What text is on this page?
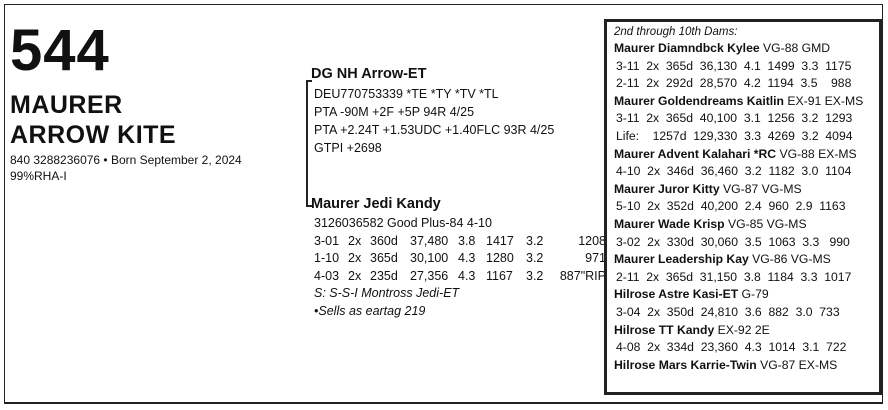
544
MAURER
ARROW KITE
840 3288236076 • Born September 2, 2024
99%RHA-I
DG NH Arrow-ET
DEU770753339 *TE *TY *TV *TL
PTA -90M +2F +5P 94R 4/25
PTA +2.24T +1.53UDC +1.40FLC 93R 4/25
GTPI +2698
Maurer Jedi Kandy
3126036582 Good Plus-84 4-10
3-01 2x 360d 37,480 3.8 1417 3.2	1208
1-10 2x 365d 30,100 4.3 1280 3.2	971
4-03 2x 235d 27,356 4.3 1167 3.2 887"RIP
S: S-S-I Montross Jedi-ET
•Sells as eartag 219
2nd through 10th Dams:
Maurer Diamndbck Kylee VG-88 GMD
3-11  2x  365d  36,130  4.1  1499  3.3  1175
2-11  2x  292d  28,570  4.2  1194  3.5    988
Maurer Goldendreams Kaitlin EX-91 EX-MS
3-11  2x  365d  40,100  3.1  1256  3.2  1293
Life:    1257d  129,330  3.3  4269  3.2  4094
Maurer Advent Kalahari *RC VG-88 EX-MS
4-10  2x  346d  36,460  3.2  1182  3.0  1104
Maurer Juror Kitty VG-87 VG-MS
5-10  2x  352d  40,200  2.4  960  2.9  1163
Maurer Wade Krisp VG-85 VG-MS
3-02  2x  330d  30,060  3.5  1063  3.3   990
Maurer Leadership Kay VG-86 VG-MS
2-11  2x  365d  31,150  3.8  1184  3.3  1017
Hilrose Astre Kasi-ET G-79
3-04  2x  350d  24,810  3.6  882  3.0  733
Hilrose TT Kandy EX-92 2E
4-08  2x  334d  23,360  4.3  1014  3.1  722
Hilrose Mars Karrie-Twin VG-87 EX-MS
